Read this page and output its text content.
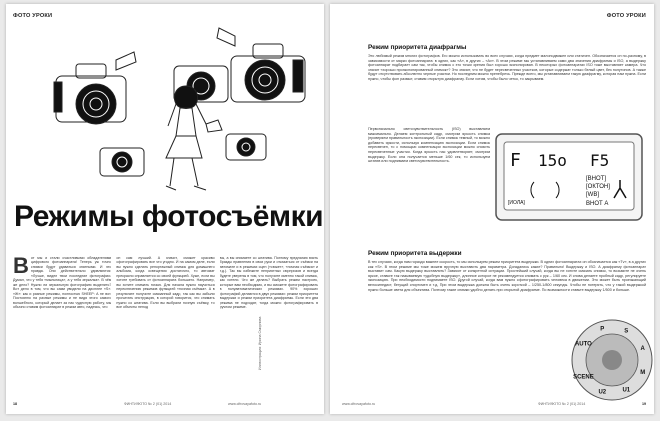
ФОТО УРОКИ
Режимы фотосъёмки
В от мы и стали счастливыми обладателями цифрового фотоаппарата! Теперь уж точно снимки будут удаваться знатными. И это правда. Они действительно удивляются: «Лучше, видел твои последние фотографии. Думал, что у тебя «мыльница», а у тебя зеркалка». В чём же дело? Нужно ли зеркальную фотографию выделить? Вот дело в том, что вы сами увидели на дисплее «S». «Ж»: как и разные режимы, полностью SHEEP: А не вот. Постоянно на разные режимы и не видя этого самого волшебного, который делает за нас чудесную работу, мы обычно ставим фотоаппарат в режим авто, надеясь, что
он сам лучший. А значит, сможет красиво сфотографировать все что угодно. И на самом деле, если вы нужно сделать репортажный снимок для домашнего альбома, когда освещения достаточно, то автомат прекрасно справляется со своей функцией. Хуже, если вы хотите требовать от фотоаппарата большего. Например, вы хотите снимать ночью. Для начала нужно научиться переключению режимов функцией «ночная съёмка». А в результате получите смазанный кадр, так как вы забыли прочитать инструкцию, в которой говорится, что снимать нужно со штатива. Если вы выбрали ночную съёмку, то все объекты непод
вы, а вы снимаете со штатива. Поэтому предлагаю взять бразды правления в свои руки и отказаться от съёмки на автомате и в режимах сцен («сюжет», «ночная съёмка» и т.д.). Так вы избежите неприятных сюрпризов и всегда будете уверены в том, что получите именно такой снимок, как хотели. Что же делать? Выбрать режим настроек, которые вам необходимо, и вы сможете фотографировать в полуавтоматических режимах. 90% хороших фотографий делаются в двух режимах: режим приоритета выдержки и режим приоритета диафрагмы. Если эти два режима не подходят, тогда можно фотографировать в ручном режиме.
Иллюстрация: Ирина Смирнова
18	ФИНТИФОТО № 2 (01) 2014	www.cifrovayafoto.ru
ФОТО УРОКИ
Режим приоритета диафрагмы
Это любимый режим многих фотографов. Его можно использовать во всех случаях, когда предмет малоподвижен или статичен. Обозначается он по-разному, в зависимости от марки фотоаппарата: в одних, как «A», в других – «Av». В этом режиме мы устанавливаем сами два значения диафрагмы и ISO, а выдержку фотоаппарат подбирает сам так, чтобы снимок с его точки зрения был хорошо экспонирован. В некоторых фотоаппаратах ISO тоже выставляет камера. Что значит «хорошо проэкспонированный снимок»? Это значит, что не будет пересвеченных участков, которые содержат только белый цвет, без полутонов. А также будут отсутствовать абсолютно черные участки. Но последним можно пренебречь. Прежде всего, мы устанавливаем такую диафрагму, которая нам нужна. Если нужно, чтобы фон размыт, ставим открытую диафрагму. Если хотим, чтобы было четко, то закрываем.
Первоначально светочувствительность (ISO) выставляем максимально. Делаем контрольный кадр, смотрим яркость снимка (проверяем правильность экспозиции). Если снимок темный, то можно добавить яркости, используя компенсацию экспозиции. Если снимок пересвечен, то с помощью компенсации экспозиции можно снизить пересвеченные участки. Когда яркость нас удовлетворяет, смотрим выдержку. Если она получается меньше 1/60 сек, то используем штатив или поднимаем светочувствительность.	F 15o F5
[ВНОТ]
[ОКТОН]
[WB]
[ИОЛА]	ВНОТ А
Режим приоритета выдержки
В тех случаях, когда нам гораздо важнее скорость, то мы используем режим приоритета выдержки. В одних фотоаппаратах он обозначается как «Tv», в а других как «S». В этом режиме мы тоже можем вручную выставить два параметра. Догадались какие? Правильно! Выдержку и ISO. А диафрагму фотоаппарат выставит сам. Какую выдержку выставлять? Зависит от конкретной ситуации. Простейший случай, когда вы не хотите смазать снимок, то возьмите не очень яркое, ставьте так называемую «удобную выдержку», длинное которое не рекомендуется снимать с рук – 1/60 сек. И снова делаете пробный кадр, регулируете экспозицию. При необходимости поднимаете ISO. Другой случай, когда вам нужно сфотографировать человека в движении. Это может быть проезжающий велосипедист, бегущий спортсмен и т.д. При этом выдержка должна быть очень короткой – 1/250-1/800 секунды. Чтобы не потерять, что у такой выдержкой нужно больше света для объектива. Поэтому такие снимки удобно делать при открытой диафрагме. По возможности ставьте выдержку 1/500 и больше.
AUTO
P	S
A
M
U1
U2
SCENE
www.cifrovayafoto.ru	ФИНТИФОТО № 2 (01) 2014	19
